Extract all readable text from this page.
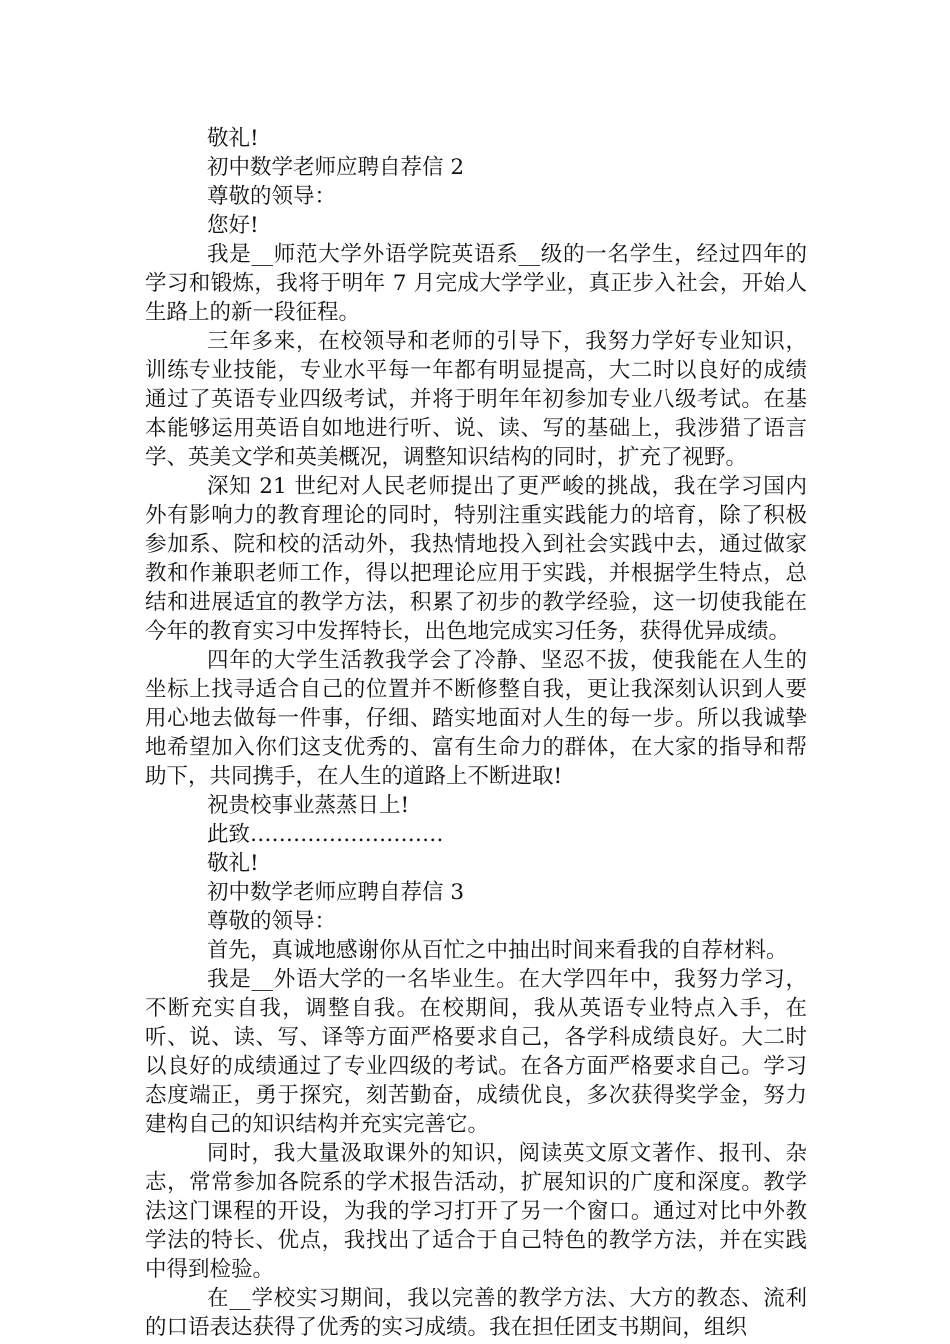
敬礼!
初中数学老师应聘自荐信 2
尊敬的领导：
您好!

我是__师范大学外语学院英语系__级的一名学生，经过四年的学习和锻炼，我将于明年 7 月完成大学学业，真正步入社会，开始人生路上的新一段征程。

三年多来，在校领导和老师的引导下，我努力学好专业知识，训练专业技能，专业水平每一年都有明显提高，大二时以良好的成绩通过了英语专业四级考试，并将于明年年初参加专业八级考试。在基本能够运用英语自如地进行听、说、读、写的基础上，我涉猎了语言学、英美文学和英美概况，调整知识结构的同时，扩充了视野。

深知 21 世纪对人民老师提出了更严峻的挑战，我在学习国内外有影响力的教育理论的同时，特别注重实践能力的培育，除了积极参加系、院和校的活动外，我热情地投入到社会实践中去，通过做家教和作兼职老师工作，得以把理论应用于实践，并根据学生特点，总结和进展适宜的教学方法，积累了初步的教学经验，这一切使我能在今年的教育实习中发挥特长，出色地完成实习任务，获得优异成绩。

四年的大学生活教我学会了冷静、坚忍不拔，使我能在人生的坐标上找寻适合自己的位置并不断修整自我，更让我深刻认识到人要用心地去做每一件事，仔细、踏实地面对人生的每一步。所以我诚挚地希望加入你们这支优秀的、富有生命力的群体，在大家的指导和帮助下，共同携手，在人生的道路上不断进取!

祝贵校事业蒸蒸日上!
此致………………………
敬礼!
初中数学老师应聘自荐信 3
尊敬的领导：
首先，真诚地感谢你从百忙之中抽出时间来看我的自荐材料。

我是__外语大学的一名毕业生。在大学四年中，我努力学习，不断充实自我，调整自我。在校期间，我从英语专业特点入手，在听、说、读、写、译等方面严格要求自己，各学科成绩良好。大二时以良好的成绩通过了专业四级的考试。在各方面严格要求自己。学习态度端正，勇于探究，刻苦勤奋，成绩优良，多次获得奖学金，努力建构自己的知识结构并充实完善它。

同时，我大量汲取课外的知识，阅读英文原文著作、报刊、杂志，常常参加各院系的学术报告活动，扩展知识的广度和深度。教学法这门课程的开设，为我的学习打开了另一个窗口。通过对比中外教学法的特长、优点，我找出了适合于自己特色的教学方法，并在实践中得到检验。

在__学校实习期间，我以完善的教学方法、大方的教态、流利的口语表达获得了优秀的实习成绩。我在担任团支书期间，组织
